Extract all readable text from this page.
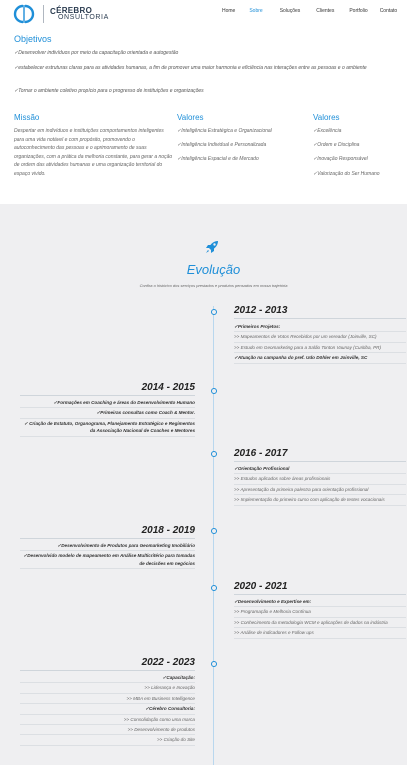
C ÉREBRO
ONSULTORIA
Home	Sobre	Soluções	Clientes	Portfolio Contato
Objetivos
✓Desenvolver indivíduos por meio da capacitação orientada e autogestão
✓estabelecer estruturas claras para as atividades humanas, a fim de promover uma maior harmonia e eficiência nas interações entre as pessoas e o ambiente
✓Tornar o ambiente coletivo propício para o progresso de instituições e organizações
Missão
Despertar em indivíduos e instituições comportamentos inteligentes para uma vida notável e com propósito, promovendo o autoconhecimento das pessoas e o aprimoramento de suas organizações, com a prática da melhoria constante, para gerar a noção de ordem das atividades humanas e uma organização territorial do espaço vivido.
Valores
✓Inteligência Estratégica e Organizacional
✓Inteligência Individual e Personalizada
✓Inteligência Espacial e de Mercado
Valores
✓Excelência
✓Ordem e Disciplina
✓Inovação Responsável
✓Valorização do Ser Humano
Evolução
Confira o histórico dos serviços prestados e produtos pensados em nossa trajetória
2012 - 2013
✓Primeiros Projetos:
>> Mapeamentos de Votos Recebidos por um vereador (Joinville, SC)
>> Estudo em Geomarketing para a Salão Tonton Vaunay (Curitiba, PR)
✓Atuação na campanha do pref. Udo Döhler em Joinville, SC
2014 - 2015
✓Formações em Coaching e áreas do Desenvolvimento Humano
✓Primeiras consultas como Coach & Mentor.
✓ Criação de Estatuto, Organograma, Planejamento Estratégico e Regimentos da Associação Nacional de Coaches e Mentores
2016 - 2017
✓Orientação Profissional
>> Estudos aplicados sobre áreas profissionais
>> Apresentação da primeira palestra para orientação profissional
>> Implementação do primeiro curso com aplicação de testes vocacionais
2018 - 2019
✓Desenvolvimento de Produtos para Geomarketing Imobiliário
✓Desenvolvido modelo de mapeamento em Análise Multicritério para tomadas de decisões em negócios
2020 - 2021
✓Desenvolvimento e Expertise em:
>> Programação e Melhoria Contínua
>> Conhecimento da metodologia WCM e aplicações de dados na indústria
>> Análise de indicadores e Follow ups
2022 - 2023
✓Capacitação:
>> Liderança e Inovação
>> MBA em Business Intelligence
✓Cérebro Consultoria:
>> Consolidação como uma marca
>> Desenvolvimento de produtos
>> Criação do Site
